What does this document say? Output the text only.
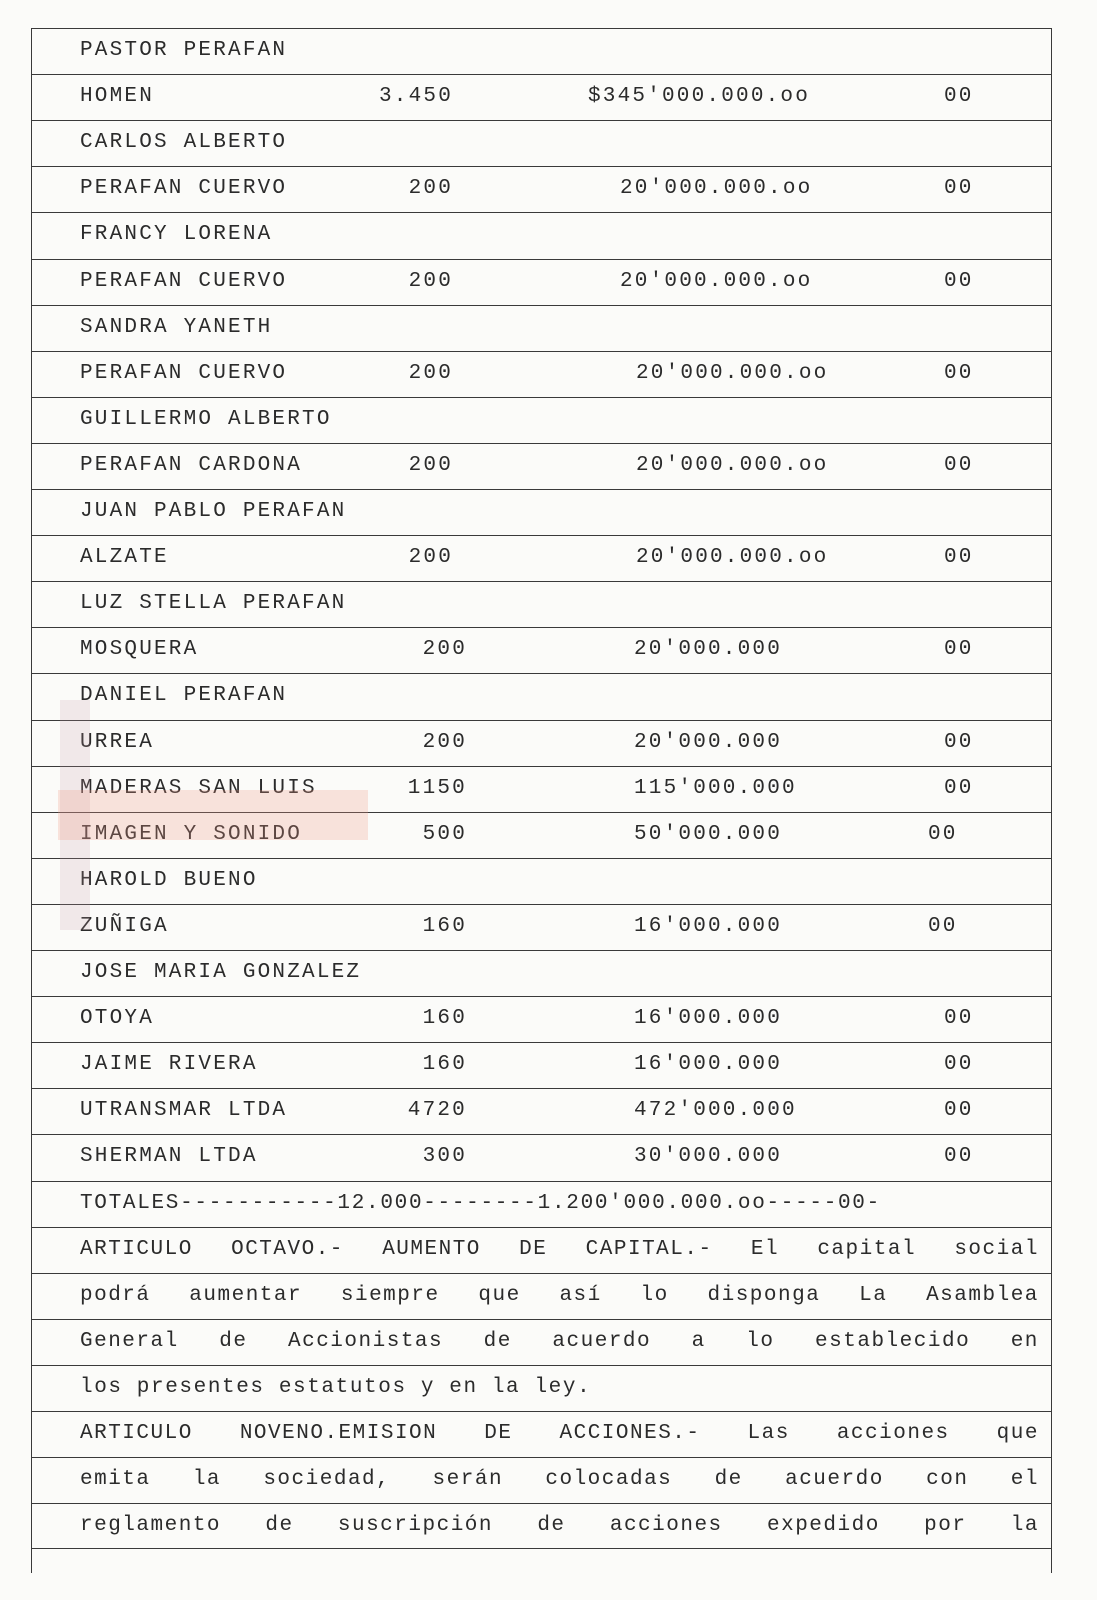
PASTOR PERAFAN
HOMEN	3.450	$345'000.000.oo	00
CARLOS ALBERTO
PERAFAN CUERVO	200	20'000.000.oo	00
FRANCY LORENA
PERAFAN CUERVO	200	20'000.000.oo	00
SANDRA YANETH
PERAFAN CUERVO	200	20'000.000.oo	00
GUILLERMO ALBERTO
PERAFAN CARDONA	200	20'000.000.oo	00
JUAN PABLO PERAFAN
ALZATE	200	20'000.000.oo	00
LUZ STELLA PERAFAN
MOSQUERA	200	20'000.000	00
DANIEL PERAFAN
URREA	200	20'000.000	00
MADERAS SAN LUIS	1150	115'000.000	00
IMAGEN Y SONIDO	500	50'000.000	00
HAROLD BUENO
ZUÑIGA	160	16'000.000	00
JOSE MARIA GONZALEZ
OTOYA	160	16'000.000	00
JAIME RIVERA	160	16'000.000	00
UTRANSMAR LTDA	4720	472'000.000	00
SHERMAN LTDA	300	30'000.000	00
TOTALES-----------12.000--------1.200'000.000.oo-----00-
ARTICULO OCTAVO.- AUMENTO DE CAPITAL.- El capital social
podrá aumentar siempre que así lo disponga La Asamblea
General de Accionistas de acuerdo a lo establecido en
los presentes estatutos y en la ley.
ARTICULO NOVENO.EMISION DE ACCIONES.- Las acciones que
emita la sociedad, serán colocadas de acuerdo con el
reglamento de suscripción de acciones expedido por la
